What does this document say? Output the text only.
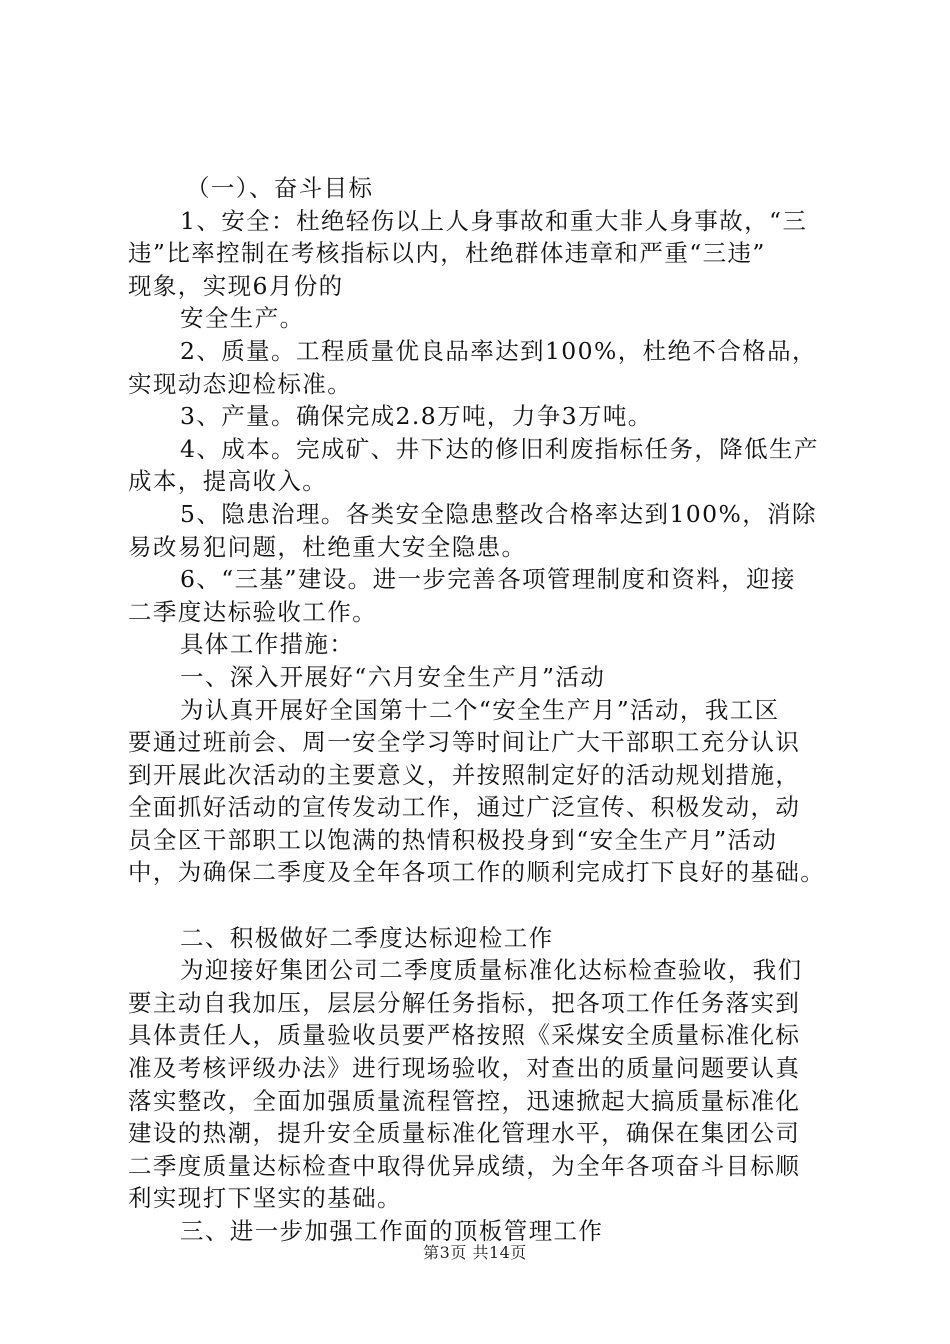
（一）、奋斗目标
1、安全：杜绝轻伤以上人身事故和重大非人身事故，“三
违”比率控制在考核指标以内，杜绝群体违章和严重“三违”
现象，实现6月份的
安全生产。
2、质量。工程质量优良品率达到100%，杜绝不合格品，
实现动态迎检标准。
3、产量。确保完成2.8万吨，力争3万吨。
4、成本。完成矿、井下达的修旧利废指标任务，降低生产
成本，提高收入。
5、隐患治理。各类安全隐患整改合格率达到100%，消除
易改易犯问题，杜绝重大安全隐患。
6、“三基”建设。进一步完善各项管理制度和资料，迎接
二季度达标验收工作。
具体工作措施：
一、深入开展好“六月安全生产月”活动
为认真开展好全国第十二个“安全生产月”活动，我工区
要通过班前会、周一安全学习等时间让广大干部职工充分认识
到开展此次活动的主要意义，并按照制定好的活动规划措施，
全面抓好活动的宣传发动工作，通过广泛宣传、积极发动，动
员全区干部职工以饱满的热情积极投身到“安全生产月”活动
中，为确保二季度及全年各项工作的顺利完成打下良好的基础。
二、积极做好二季度达标迎检工作
为迎接好集团公司二季度质量标准化达标检查验收，我们
要主动自我加压，层层分解任务指标，把各项工作任务落实到
具体责任人，质量验收员要严格按照《采煤安全质量标准化标
准及考核评级办法》进行现场验收，对查出的质量问题要认真
落实整改，全面加强质量流程管控，迅速掀起大搞质量标准化
建设的热潮，提升安全质量标准化管理水平，确保在集团公司
二季度质量达标检查中取得优异成绩，为全年各项奋斗目标顺
利实现打下坚实的基础。
三、进一步加强工作面的顶板管理工作
第3页 共14页
